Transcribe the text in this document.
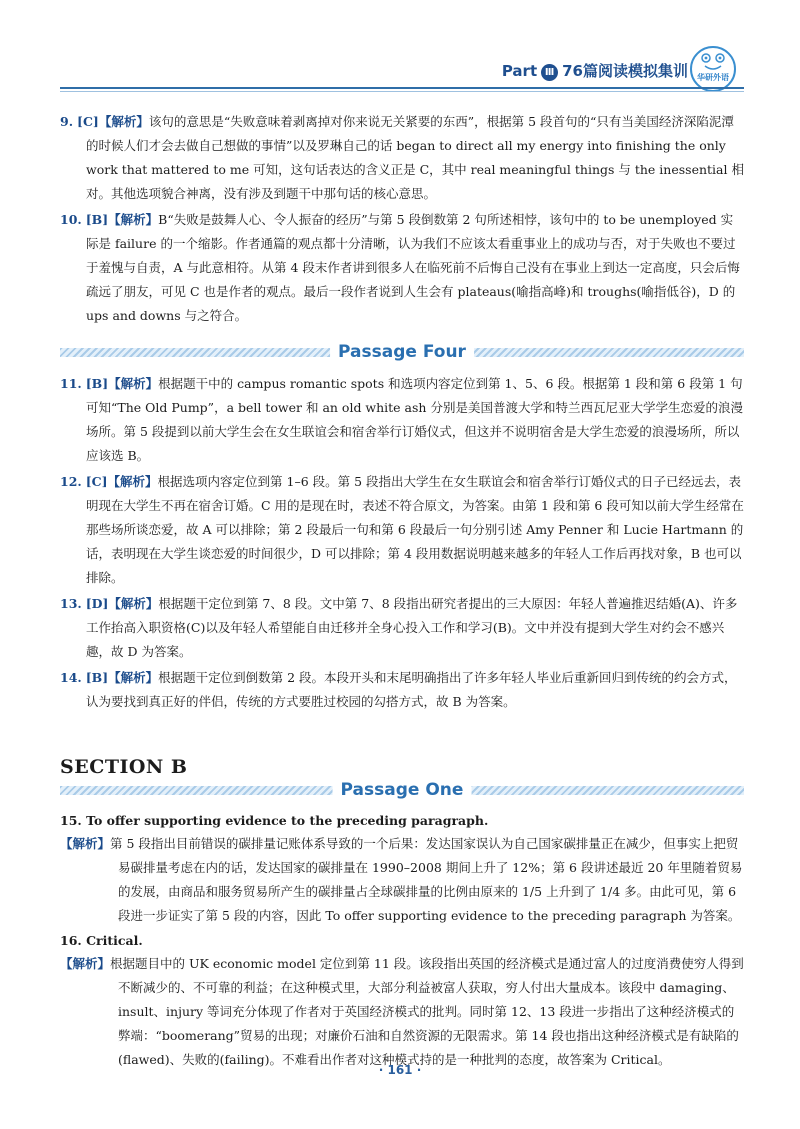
Part Ⅲ 76篇阅读模拟集训	华研外语
9. [C]【解析】该句的意思是“失败意味着剥离掉对你来说无关紧要的东西”，根据第 5 段首句的“只有当美国经济深陷泥潭的时候人们才会去做自己想做的事情”以及罗琳自己的话 began to direct all my energy into finishing the only work that mattered to me 可知，这句话表达的含义正是 C，其中 real meaningful things 与 the inessential 相对。其他选项貌合神离，没有涉及到题干中那句话的核心意思。
10. [B]【解析】B“失败是鼓舞人心、令人振奋的经历”与第 5 段倒数第 2 句所述相悖，该句中的 to be unemployed 实际是 failure 的一个缩影。作者通篇的观点都十分清晰，认为我们不应该太看重事业上的成功与否，对于失败也不要过于羞愧与自责，A 与此意相符。从第 4 段末作者讲到很多人在临死前不后悔自己没有在事业上到达一定高度，只会后悔疏远了朋友，可见 C 也是作者的观点。最后一段作者说到人生会有 plateaus(喻指高峰)和 troughs(喻指低谷)，D 的 ups and downs 与之符合。
Passage Four
11. [B]【解析】根据题干中的 campus romantic spots 和选项内容定位到第 1、5、6 段。根据第 1 段和第 6 段第 1 句可知“The Old Pump”，a bell tower 和 an old white ash 分别是美国普渡大学和特兰西瓦尼亚大学学生恋爱的浪漫场所。第 5 段提到以前大学生会在女生联谊会和宿舍举行订婚仪式，但这并不说明宿舍是大学生恋爱的浪漫场所，所以应该选 B。
12. [C]【解析】根据选项内容定位到第 1–6 段。第 5 段指出大学生在女生联谊会和宿舍举行订婚仪式的日子已经远去，表明现在大学生不再在宿舍订婚。C 用的是现在时，表述不符合原文，为答案。由第 1 段和第 6 段可知以前大学生经常在那些场所谈恋爱，故 A 可以排除；第 2 段最后一句和第 6 段最后一句分别引述 Amy Penner 和 Lucie Hartmann 的话，表明现在大学生谈恋爱的时间很少，D 可以排除；第 4 段用数据说明越来越多的年轻人工作后再找对象，B 也可以排除。
13. [D]【解析】根据题干定位到第 7、8 段。文中第 7、8 段指出研究者提出的三大原因：年轻人普遍推迟结婚(A)、许多工作抬高入职资格(C)以及年轻人希望能自由迁移并全身心投入工作和学习(B)。文中并没有提到大学生对约会不感兴趣，故 D 为答案。
14. [B]【解析】根据题干定位到倒数第 2 段。本段开头和末尾明确指出了许多年轻人毕业后重新回归到传统的约会方式，认为要找到真正好的伴侣，传统的方式要胜过校园的勾搭方式，故 B 为答案。
SECTION B
Passage One
15. To offer supporting evidence to the preceding paragraph.
【解析】第 5 段指出目前错误的碳排量记账体系导致的一个后果：发达国家误认为自己国家碳排量正在减少，但事实上把贸易碳排量考虑在内的话，发达国家的碳排量在 1990–2008 期间上升了 12%；第 6 段讲述最近 20 年里随着贸易的发展，由商品和服务贸易所产生的碳排量占全球碳排量的比例由原来的 1/5 上升到了 1/4 多。由此可见，第 6 段进一步证实了第 5 段的内容，因此 To offer supporting evidence to the preceding paragraph 为答案。
16. Critical.
【解析】根据题目中的 UK economic model 定位到第 11 段。该段指出英国的经济模式是通过富人的过度消费使穷人得到不断减少的、不可靠的利益；在这种模式里，大部分利益被富人获取，穷人付出大量成本。该段中 damaging、insult、injury 等词充分体现了作者对于英国经济模式的批判。同时第 12、13 段进一步指出了这种经济模式的弊端：“boomerang”贸易的出现；对廉价石油和自然资源的无限需求。第 14 段也指出这种经济模式是有缺陷的(flawed)、失败的(failing)。不难看出作者对这种模式持的是一种批判的态度，故答案为 Critical。
· 161 ·
